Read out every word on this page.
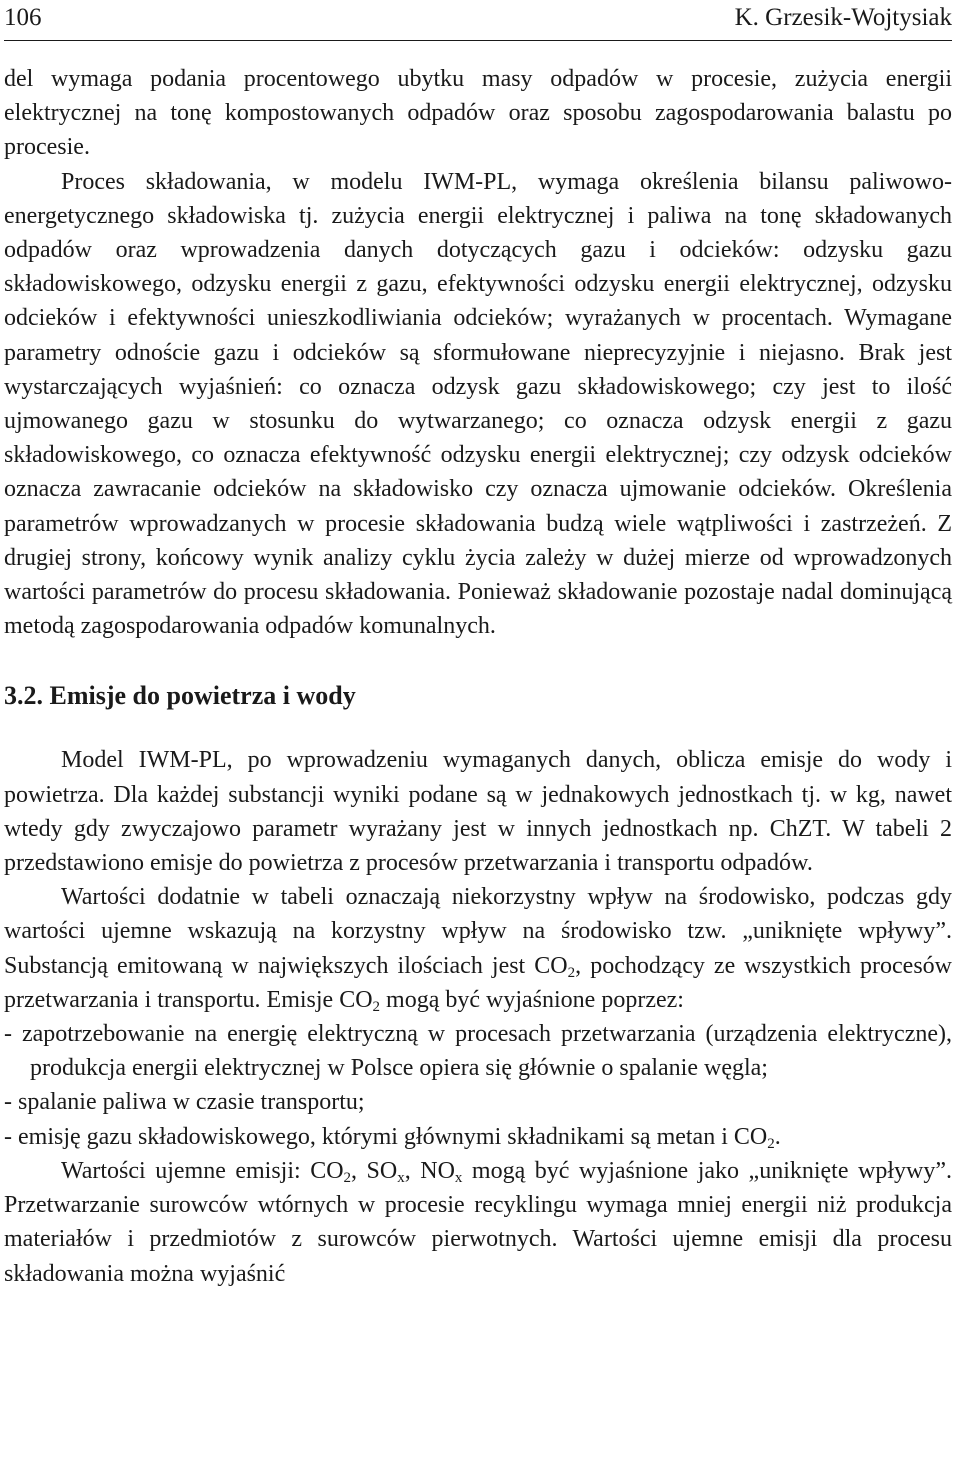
106	K. Grzesik-Wojtysiak

del wymaga podania procentowego ubytku masy odpadów w procesie, zużycia energii elektrycznej na tonę kompostowanych odpadów oraz sposobu zagospodarowania balastu po procesie.

Proces składowania, w modelu IWM-PL, wymaga określenia bilansu paliwowo-energetycznego składowiska tj. zużycia energii elektrycznej i paliwa na tonę składowanych odpadów oraz wprowadzenia danych dotyczących gazu i odcieków: odzysku gazu składowiskowego, odzysku energii z gazu, efektywności odzysku energii elektrycznej, odzysku odcieków i efektywności unieszkodliwiania odcieków; wyrażanych w procentach. Wymagane parametry odnoście gazu i odcieków są sformułowane nieprecyzyjnie i niejasno. Brak jest wystarczających wyjaśnień: co oznacza odzysk gazu składowiskowego; czy jest to ilość ujmowanego gazu w stosunku do wytwarzanego; co oznacza odzysk energii z gazu składowiskowego, co oznacza efektywność odzysku energii elektrycznej; czy odzysk odcieków oznacza zawracanie odcieków na składowisko czy oznacza ujmowanie odcieków. Określenia parametrów wprowadzanych w procesie składowania budzą wiele wątpliwości i zastrzeżeń. Z drugiej strony, końcowy wynik analizy cyklu życia zależy w dużej mierze od wprowadzonych wartości parametrów do procesu składowania. Ponieważ składowanie pozostaje nadal dominującą metodą zagospodarowania odpadów komunalnych.

3.2. Emisje do powietrza i wody

Model IWM-PL, po wprowadzeniu wymaganych danych, oblicza emisje do wody i powietrza. Dla każdej substancji wyniki podane są w jednakowych jednostkach tj. w kg, nawet wtedy gdy zwyczajowo parametr wyrażany jest w innych jednostkach np. ChZT. W tabeli 2 przedstawiono emisje do powietrza z procesów przetwarzania i transportu odpadów.

Wartości dodatnie w tabeli oznaczają niekorzystny wpływ na środowisko, podczas gdy wartości ujemne wskazują na korzystny wpływ na środowisko tzw. „uniknięte wpływy”. Substancją emitowaną w największych ilościach jest $CO_2$, pochodzący ze wszystkich procesów przetwarzania i transportu. Emisje $CO_2$ mogą być wyjaśnione poprzez:

- zapotrzebowanie na energię elektryczną w procesach przetwarzania (urządzenia elektryczne), produkcja energii elektrycznej w Polsce opiera się głównie o spalanie węgla;

- spalanie paliwa w czasie transportu;

- emisję gazu składowiskowego, którymi głównymi składnikami są metan i $CO_2$.

Wartości ujemne emisji: $CO_2$, $SO_x$, $NO_x$ mogą być wyjaśnione jako „uniknięte wpływy”. Przetwarzanie surowców wtórnych w procesie recyklingu wymaga mniej energii niż produkcja materiałów i przedmiotów z surowców pierwotnych. Wartości ujemne emisji dla procesu składowania można wyjaśnić
